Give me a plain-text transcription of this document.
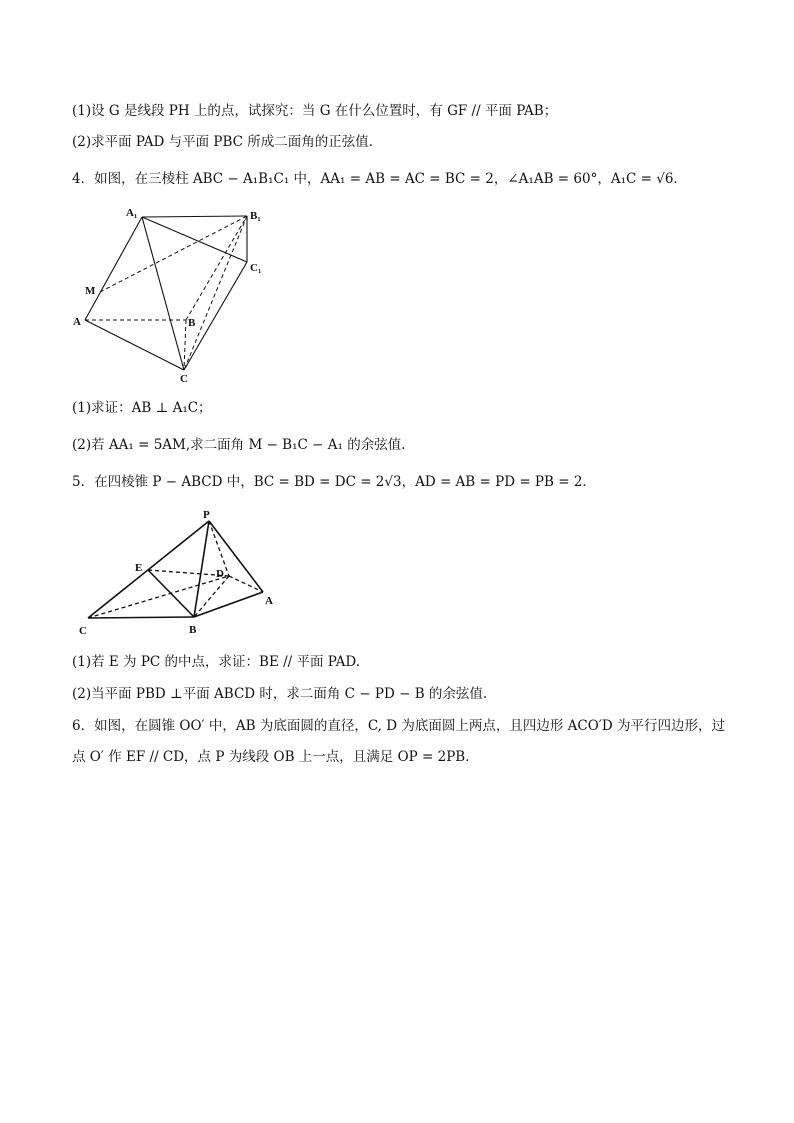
(1)设 G 是线段 PH 上的点，试探究：当 G 在什么位置时，有 GF // 平面 PAB；
(2)求平面 PAD 与平面 PBC 所成二面角的正弦值．
4．如图，在三棱柱 ABC − A₁B₁C₁ 中，AA₁ = AB = AC = BC = 2，∠A₁AB = 60°，A₁C = √6．
A₁	B₁
C₁
M
A	B
C
(1)求证：AB ⊥ A₁C；
(2)若 AA₁ = 5AM,求二面角 M − B₁C − A₁ 的余弦值.
5．在四棱锥 P − ABCD 中，BC = BD = DC = 2√3，AD = AB = PD = PB = 2．
P
E	D
A
C	B
(1)若 E 为 PC 的中点，求证：BE // 平面 PAD.
(2)当平面 PBD ⊥平面 ABCD 时，求二面角 C − PD − B 的余弦值.
6．如图，在圆锥 OO′ 中，AB 为底面圆的直径，C, D 为底面圆上两点，且四边形 ACO′D 为平行四边形，过
点 O′ 作 EF // CD，点 P 为线段 OB 上一点，且满足 OP = 2PB．
